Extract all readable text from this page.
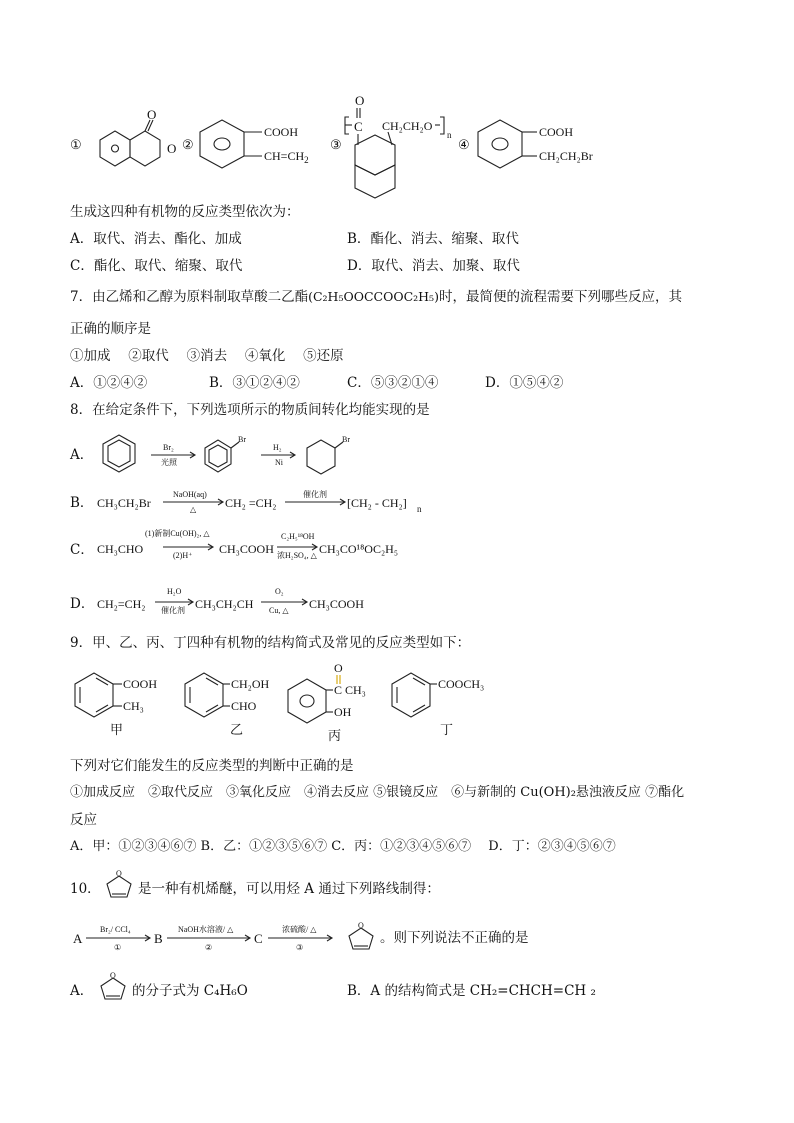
①
O
O ②
COOH
$CH=CH_2$
③
O
C CH₂CH₂O
n
④
COOH
CH₂CH₂Br
生成这四种有机物的反应类型依次为：
A．取代、消去、酯化、加成	B．酯化、消去、缩聚、取代
C．酯化、取代、缩聚、取代	D．取代、消去、加聚、取代
7．由乙烯和乙醇为原料制取草酸二乙酯(C₂H₅OOCCOOC₂H₅)时，最简便的流程需要下列哪些反应，其
正确的顺序是
①加成　 ②取代　 ③消去　 ④氧化　 ⑤还原
A．①②④②	B．③①②④②	C．⑤③②①④	D．①⑤④②
8．在给定条件下，下列选项所示的物质间转化均能实现的是
A．	Br₂
光照
Br
H₂
Ni
Br
B． CH₃CH₂Br
NaOH(aq)
△ CH₂ =CH₂
催化剂
[CH₂ - CH₂] n
C． CH₃CHO
(1)新制Cu(OH)₂, △
(2)H⁺ CH₃COOH
C₂H₅¹⁸OH
浓H₂SO₄, △ CH₃CO¹⁸OC₂H₅
D． CH₂=CH₂
H₂O
催化剂 CH₃CH₂CH
O₂
Cu, △ CH₃COOH
9．甲、乙、丙、丁四种有机物的结构简式及常见的反应类型如下：
COOH
CH₃
甲
CH₂OH
CHO
乙
O
C CH₃
OH
丙
COOCH₃
丁
下列对它们能发生的反应类型的判断中正确的是
①加成反应　②取代反应　③氧化反应　④消去反应 ⑤银镜反应　⑥与新制的 Cu(OH)₂悬浊液反应 ⑦酯化
反应
A．甲：①②③④⑥⑦ B．乙：①②③⑤⑥⑦ C．丙：①②③④⑤⑥⑦　 D．丁：②③④⑤⑥⑦
10．
O
是一种有机烯醚，可以用烃 A 通过下列路线制得：
A
Br₂/ CCl₄
①
B
NaOH水溶液/ △
②
C
浓硫酸/ △
③
O
。则下列说法不正确的是
A．
O
的分子式为 C₄H₆O	B．A 的结构简式是 CH₂=CHCH=CH ₂
